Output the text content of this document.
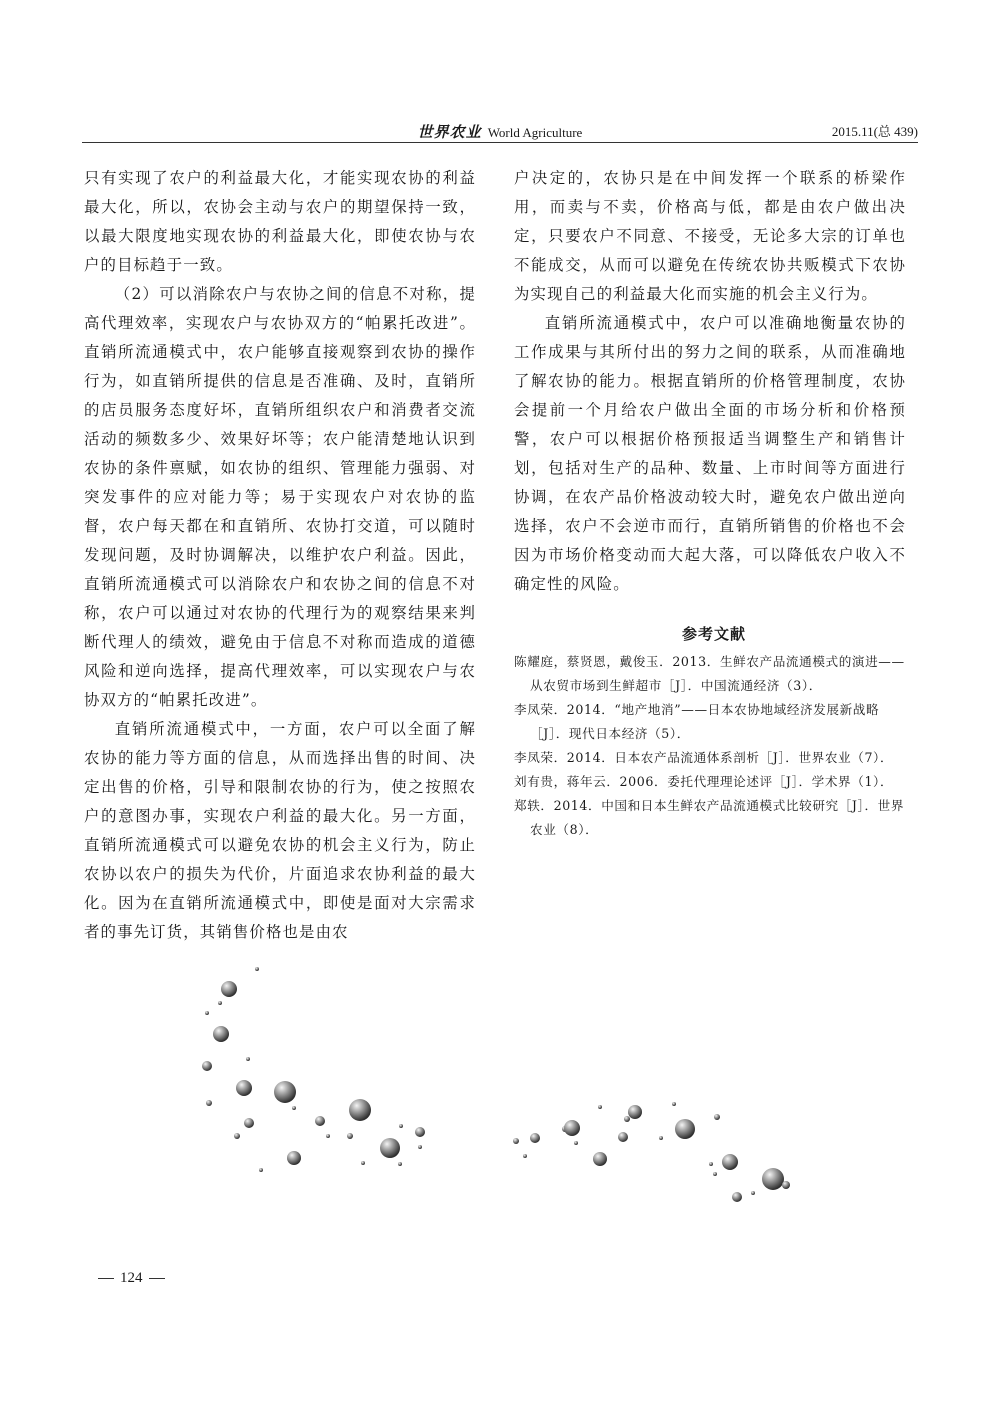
世界农业 World Agriculture	2015.11(总 439)

只有实现了农户的利益最大化，才能实现农协的利益最大化，所以，农协会主动与农户的期望保持一致，以最大限度地实现农协的利益最大化，即使农协与农户的目标趋于一致。

（2）可以消除农户与农协之间的信息不对称，提高代理效率，实现农户与农协双方的“帕累托改进”。直销所流通模式中，农户能够直接观察到农协的操作行为，如直销所提供的信息是否准确、及时，直销所的店员服务态度好坏，直销所组织农户和消费者交流活动的频数多少、效果好坏等；农户能清楚地认识到农协的条件禀赋，如农协的组织、管理能力强弱、对突发事件的应对能力等；易于实现农户对农协的监督，农户每天都在和直销所、农协打交道，可以随时发现问题，及时协调解决，以维护农户利益。因此，直销所流通模式可以消除农户和农协之间的信息不对称，农户可以通过对农协的代理行为的观察结果来判断代理人的绩效，避免由于信息不对称而造成的道德风险和逆向选择，提高代理效率，可以实现农户与农协双方的“帕累托改进”。

直销所流通模式中，一方面，农户可以全面了解农协的能力等方面的信息，从而选择出售的时间、决定出售的价格，引导和限制农协的行为，使之按照农户的意图办事，实现农户利益的最大化。另一方面，直销所流通模式可以避免农协的机会主义行为，防止农协以农户的损失为代价，片面追求农协利益的最大化。因为在直销所流通模式中，即使是面对大宗需求者的事先订货，其销售价格也是由农

户决定的，农协只是在中间发挥一个联系的桥梁作用，而卖与不卖，价格高与低，都是由农户做出决定，只要农户不同意、不接受，无论多大宗的订单也不能成交，从而可以避免在传统农协共贩模式下农协为实现自己的利益最大化而实施的机会主义行为。

直销所流通模式中，农户可以准确地衡量农协的工作成果与其所付出的努力之间的联系，从而准确地了解农协的能力。根据直销所的价格管理制度，农协会提前一个月给农户做出全面的市场分析和价格预警，农户可以根据价格预报适当调整生产和销售计划，包括对生产的品种、数量、上市时间等方面进行协调，在农产品价格波动较大时，避免农户做出逆向选择，农户不会逆市而行，直销所销售的价格也不会因为市场价格变动而大起大落，可以降低农户收入不确定性的风险。

参考文献

陈耀庭，蔡贤恩，戴俊玉．2013．生鲜农产品流通模式的演进——从农贸市场到生鲜超市［J］．中国流通经济（3）．

李凤荣．2014．“地产地消”——日本农协地域经济发展新战略［J］．现代日本经济（5）．

李凤荣．2014．日本农产品流通体系剖析［J］．世界农业（7）．

刘有贵，蒋年云．2006．委托代理理论述评［J］．学术界（1）．

郑轶．2014．中国和日本生鲜农产品流通模式比较研究［J］．世界农业（8）．

124
